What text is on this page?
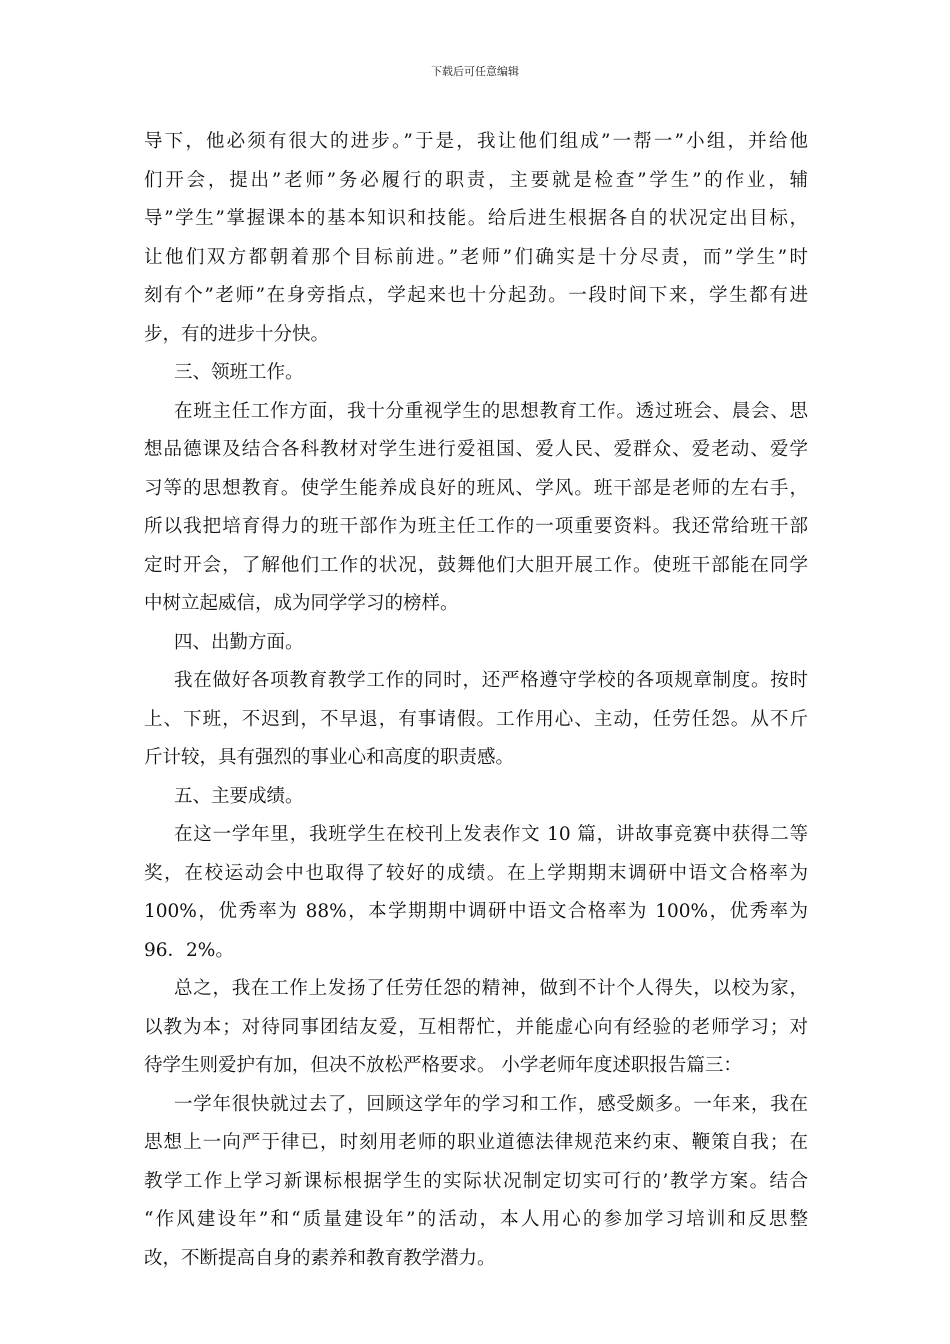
下载后可任意编辑
导下，他必须有很大的进步。”于是，我让他们组成”一帮一”小组，并给他
们开会，提出”老师”务必履行的职责，主要就是检查”学生”的作业，辅
导”学生”掌握课本的基本知识和技能。给后进生根据各自的状况定出目标，
让他们双方都朝着那个目标前进。”老师”们确实是十分尽责，而”学生”时
刻有个”老师”在身旁指点，学起来也十分起劲。一段时间下来，学生都有进
步，有的进步十分快。
三、领班工作。
在班主任工作方面，我十分重视学生的思想教育工作。透过班会、晨会、思
想品德课及结合各科教材对学生进行爱祖国、爱人民、爱群众、爱老动、爱学
习等的思想教育。使学生能养成良好的班风、学风。班干部是老师的左右手，
所以我把培育得力的班干部作为班主任工作的一项重要资料。我还常给班干部
定时开会，了解他们工作的状况，鼓舞他们大胆开展工作。使班干部能在同学
中树立起威信，成为同学学习的榜样。
四、出勤方面。
我在做好各项教育教学工作的同时，还严格遵守学校的各项规章制度。按时
上、下班，不迟到，不早退，有事请假。工作用心、主动，任劳任怨。从不斤
斤计较，具有强烈的事业心和高度的职责感。
五、主要成绩。
在这一学年里，我班学生在校刊上发表作文 10 篇，讲故事竞赛中获得二等
奖，在校运动会中也取得了较好的成绩。在上学期期末调研中语文合格率为
100%，优秀率为 88%，本学期期中调研中语文合格率为 100%，优秀率为
96．2%。
总之，我在工作上发扬了任劳任怨的精神，做到不计个人得失，以校为家，
以教为本；对待同事团结友爱，互相帮忙，并能虚心向有经验的老师学习；对
待学生则爱护有加，但决不放松严格要求。 小学老师年度述职报告篇三：
一学年很快就过去了，回顾这学年的学习和工作，感受颇多。一年来，我在
思想上一向严于律已，时刻用老师的职业道德法律规范来约束、鞭策自我；在
教学工作上学习新课标根据学生的实际状况制定切实可行的’教学方案。结合
“作风建设年”和“质量建设年”的活动，本人用心的参加学习培训和反思整
改，不断提高自身的素养和教育教学潜力。
